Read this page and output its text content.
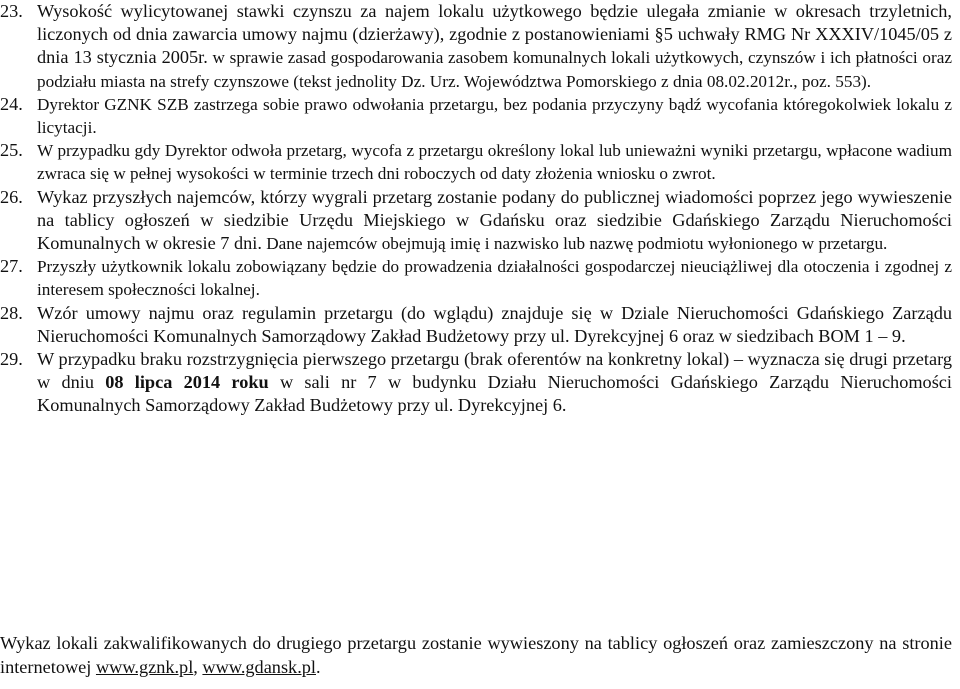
23. Wysokość wylicytowanej stawki czynszu za najem lokalu użytkowego będzie ulegała zmianie w okresach trzyletnich, liczonych od dnia zawarcia umowy najmu (dzierżawy), zgodnie z postanowieniami §5 uchwały RMG Nr XXXIV/1045/05 z dnia 13 stycznia 2005r. w sprawie zasad gospodarowania zasobem komunalnych lokali użytkowych, czynszów i ich płatności oraz podziału miasta na strefy czynszowe (tekst jednolity Dz. Urz. Województwa Pomorskiego z dnia 08.02.2012r., poz. 553).
24. Dyrektor GZNK SZB zastrzega sobie prawo odwołania przetargu, bez podania przyczyny bądź wycofania któregokolwiek lokalu z licytacji.
25. W przypadku gdy Dyrektor odwoła przetarg, wycofa z przetargu określony lokal lub unieważni wyniki przetargu, wpłacone wadium zwraca się w pełnej wysokości w terminie trzech dni roboczych od daty złożenia wniosku o zwrot.
26. Wykaz przyszłych najemców, którzy wygrali przetarg zostanie podany do publicznej wiadomości poprzez jego wywieszenie na tablicy ogłoszeń w siedzibie Urzędu Miejskiego w Gdańsku oraz siedzibie Gdańskiego Zarządu Nieruchomości Komunalnych w okresie 7 dni. Dane najemców obejmują imię i nazwisko lub nazwę podmiotu wyłonionego w przetargu.
27. Przyszły użytkownik lokalu zobowiązany będzie do prowadzenia działalności gospodarczej nieuciążliwej dla otoczenia i zgodnej z interesem społeczności lokalnej.
28. Wzór umowy najmu oraz regulamin przetargu (do wglądu) znajduje się w Dziale Nieruchomości Gdańskiego Zarządu Nieruchomości Komunalnych Samorządowy Zakład Budżetowy przy ul. Dyrekcyjnej 6 oraz w siedzibach BOM 1 – 9.
29. W przypadku braku rozstrzygnięcia pierwszego przetargu (brak oferentów na konkretny lokal) – wyznacza się drugi przetarg w dniu 08 lipca 2014 roku w sali nr 7 w budynku Działu Nieruchomości Gdańskiego Zarządu Nieruchomości Komunalnych Samorządowy Zakład Budżetowy przy ul. Dyrekcyjnej 6.
Wykaz lokali zakwalifikowanych do drugiego przetargu zostanie wywieszony na tablicy ogłoszeń oraz zamieszczony na stronie internetowej www.gznk.pl, www.gdansk.pl.
